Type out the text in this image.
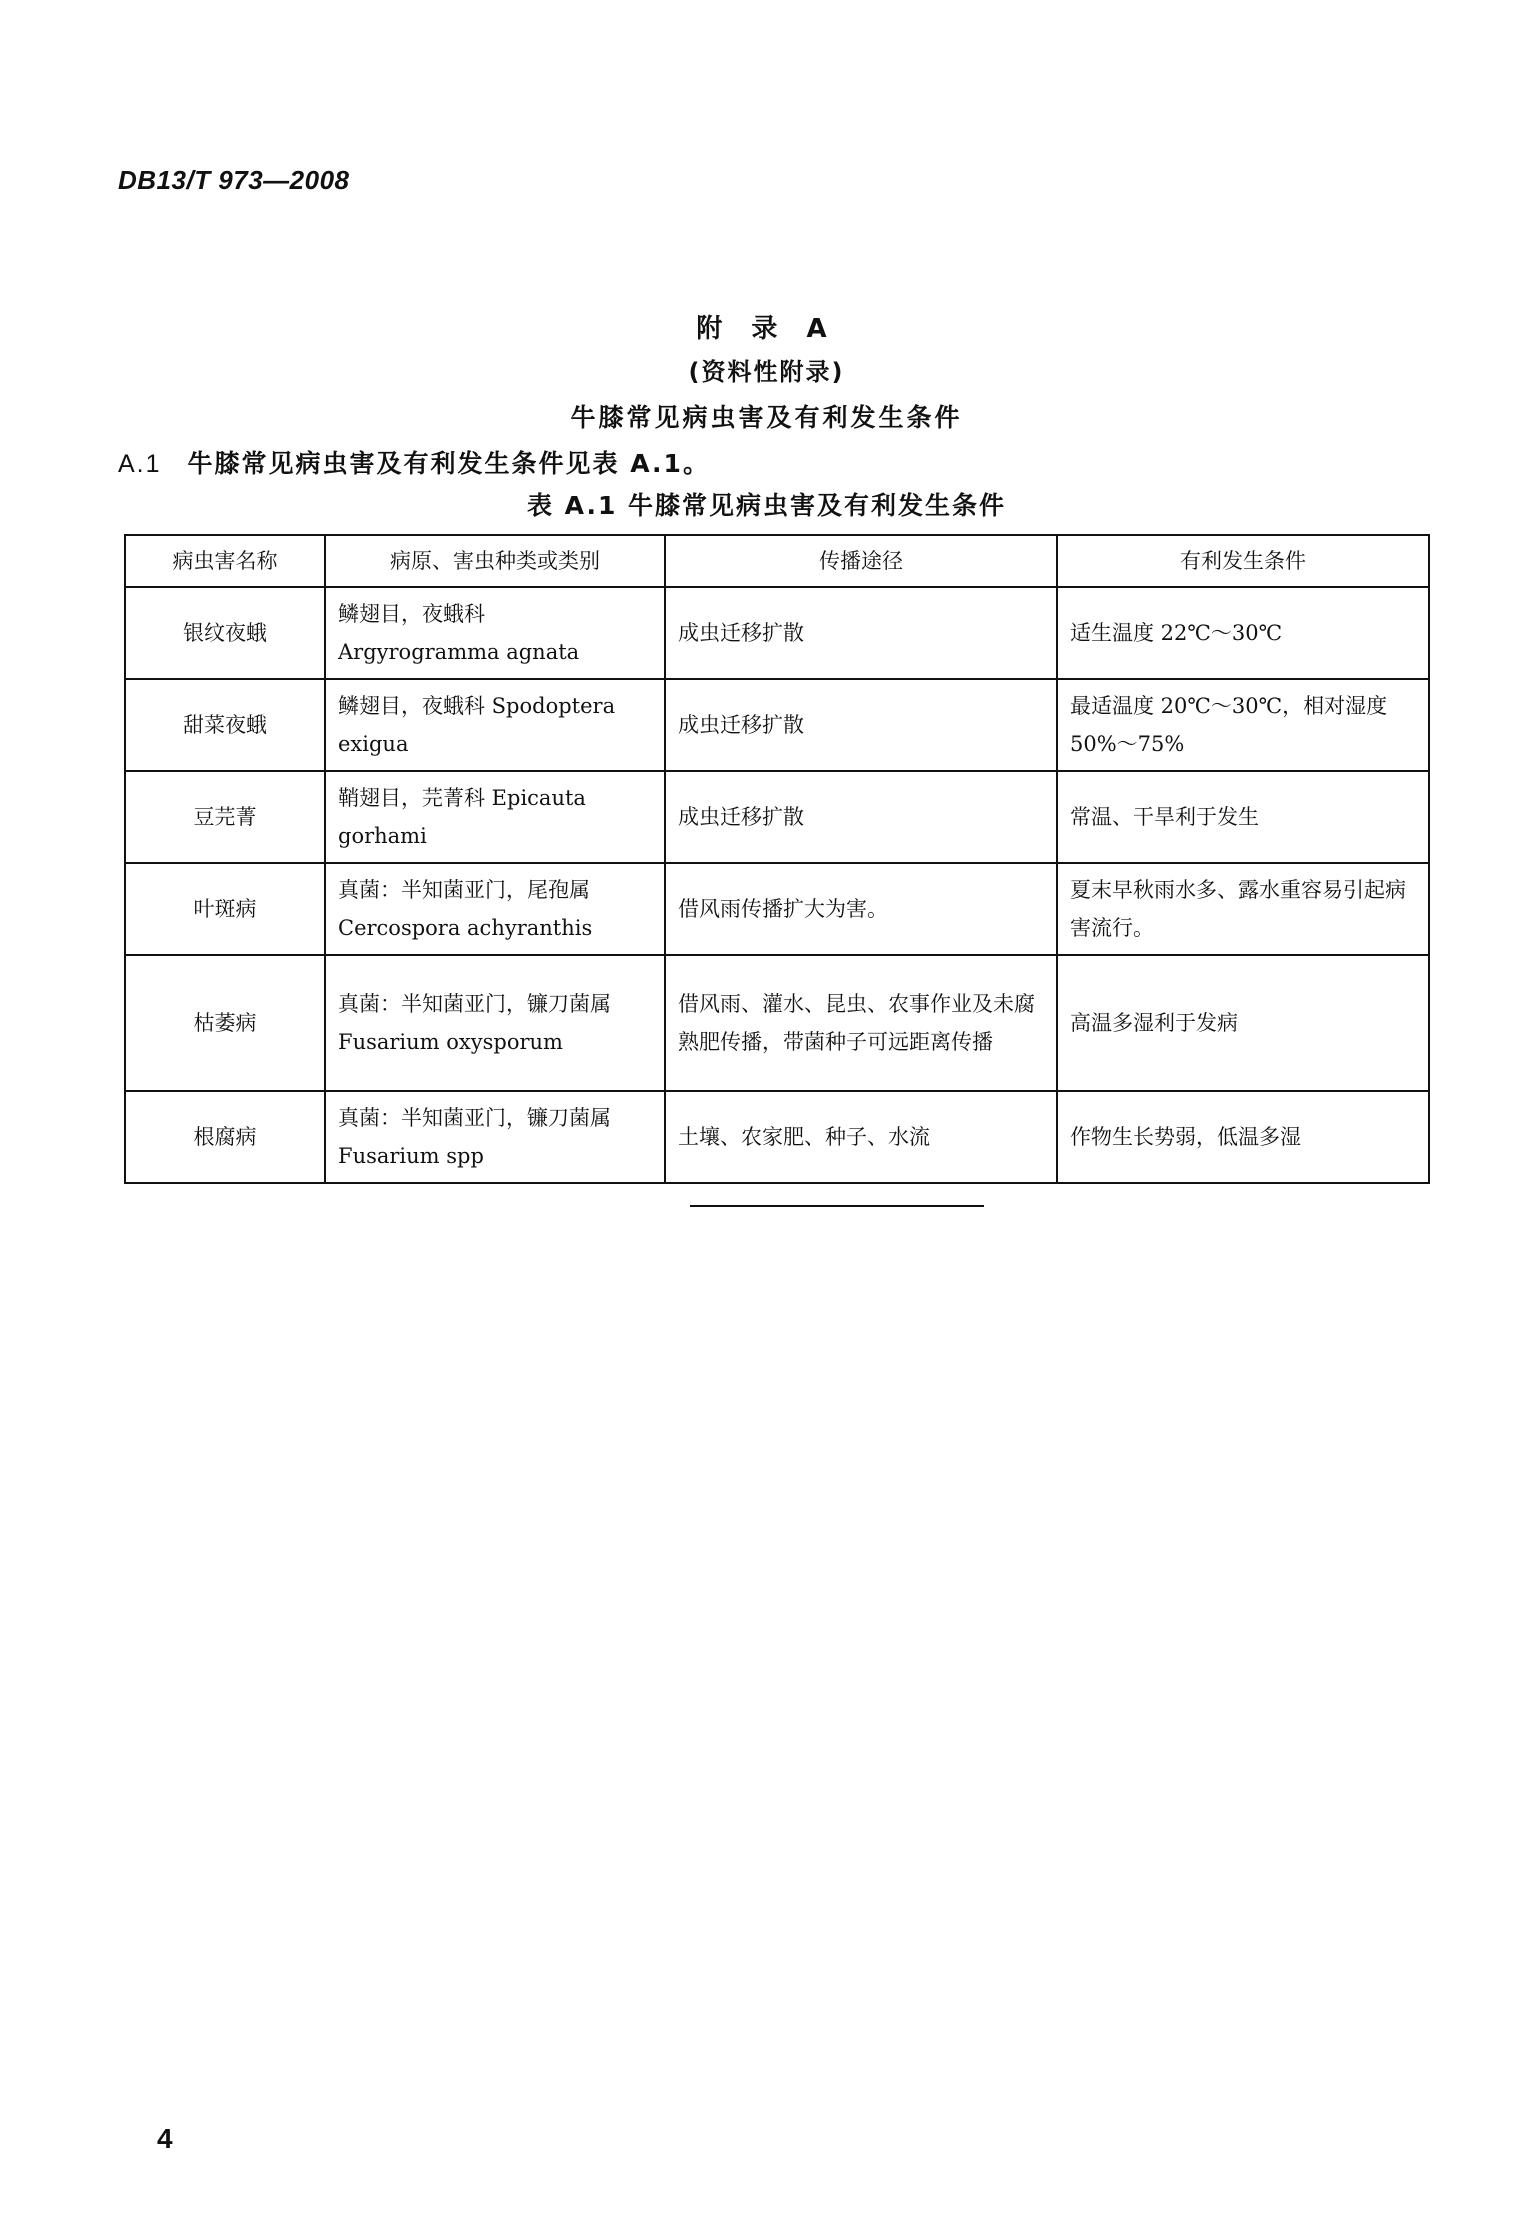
DB13/T 973—2008
附 录 A
(资料性附录)
牛膝常见病虫害及有利发生条件
A.1 牛膝常见病虫害及有利发生条件见表 A.1。
表 A.1 牛膝常见病虫害及有利发生条件
病虫害名称	病原、害虫种类或类别	传播途径	有利发生条件
银纹夜蛾	鳞翅目，夜蛾科 Argyrogramma agnata	成虫迁移扩散	适生温度 22℃～30℃
甜菜夜蛾	鳞翅目，夜蛾科 Spodoptera exigua	成虫迁移扩散	最适温度 20℃～30℃，相对湿度 50%～75%
豆芫菁	鞘翅目，芫菁科 Epicauta gorhami	成虫迁移扩散	常温、干旱利于发生
叶斑病	真菌：半知菌亚门，尾孢属 Cercospora achyranthis	借风雨传播扩大为害。	夏末早秋雨水多、露水重容易引起病害流行。
枯萎病	真菌：半知菌亚门，镰刀菌属 Fusarium oxysporum	借风雨、灌水、昆虫、农事作业及未腐熟肥传播，带菌种子可远距离传播	高温多湿利于发病
根腐病	真菌：半知菌亚门，镰刀菌属 Fusarium spp	土壤、农家肥、种子、水流	作物生长势弱，低温多湿
4
